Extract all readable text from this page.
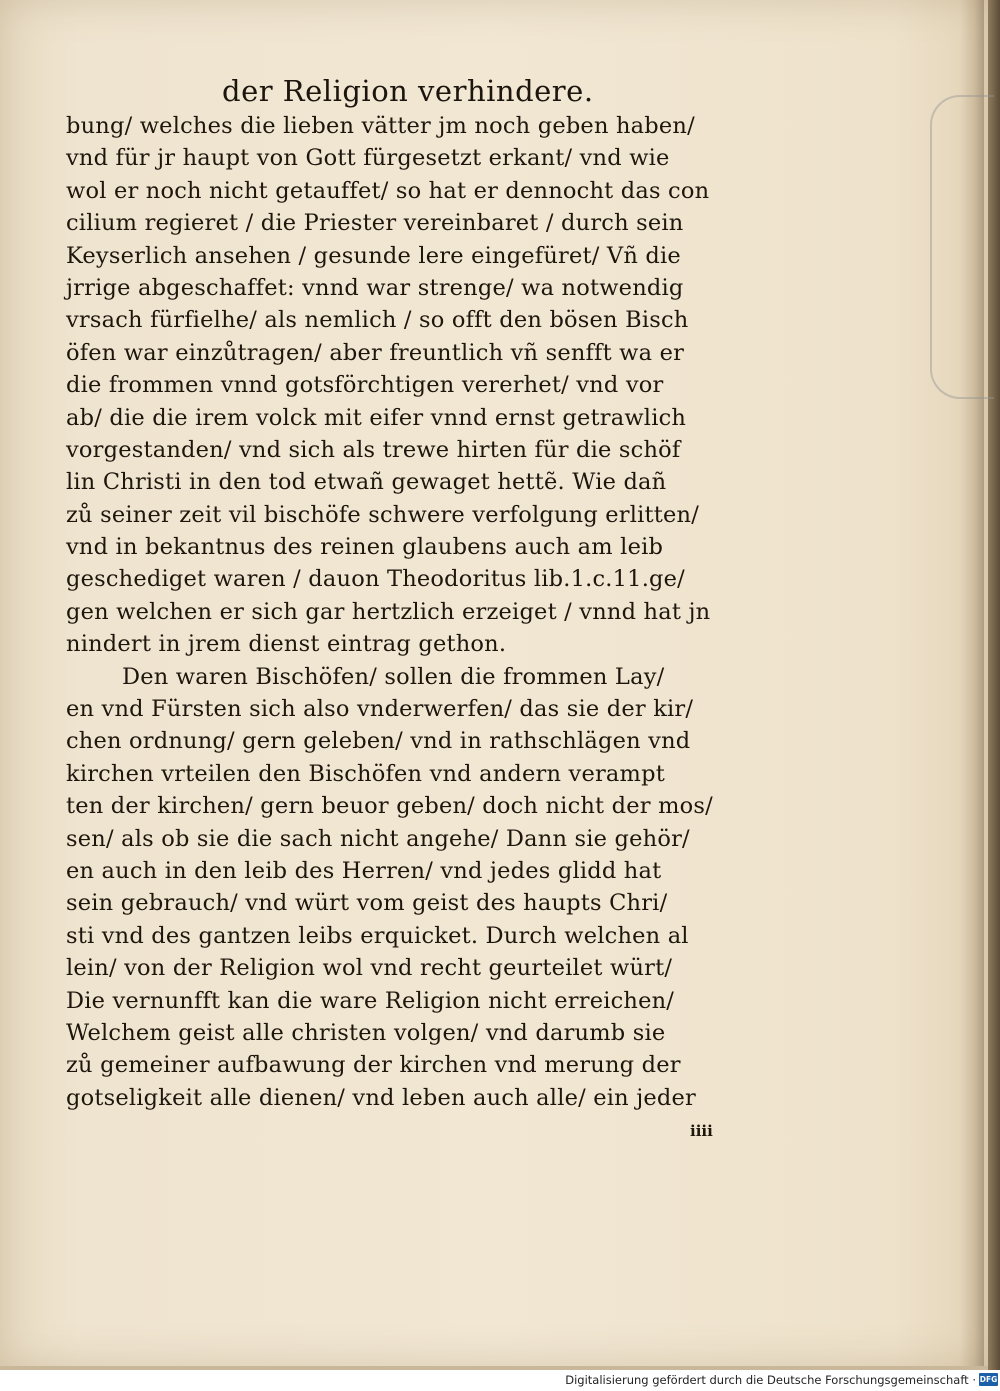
der Religion verhindere.
bung/ welches die lieben vätter jm noch geben haben/
vnd für jr haupt von Gott fürgesetzt erkant/ vnd wie
wol er noch nicht getauffet/ so hat er dennocht das con
cilium regieret / die Priester vereinbaret / durch sein
Keyserlich ansehen / gesunde lere eingefüret/ Vñ die
jrrige abgeschaffet: vnnd war strenge/ wa notwendig
vrsach fürfielhe/ als nemlich / so offt den bösen Bisch
öfen war einzůtragen/ aber freuntlich vñ senfft wa er
die frommen vnnd gotsförchtigen vererhet/ vnd vor
ab/ die die irem volck mit eifer vnnd ernst getrawlich
vorgestanden/ vnd sich als trewe hirten für die schöf
lin Christi in den tod etwañ gewaget hettẽ. Wie dañ
zů seiner zeit vil bischöfe schwere verfolgung erlitten/
vnd in bekantnus des reinen glaubens auch am leib
geschediget waren / dauon Theodoritus lib.1.c.11.ge/
gen welchen er sich gar hertzlich erzeiget / vnnd hat jn
nindert in jrem dienst eintrag gethon.
Den waren Bischöfen/ sollen die frommen Lay/
en vnd Fürsten sich also vnderwerfen/ das sie der kir/
chen ordnung/ gern geleben/ vnd in rathschlägen vnd
kirchen vrteilen den Bischöfen vnd andern verampt
ten der kirchen/ gern beuor geben/ doch nicht der mos/
sen/ als ob sie die sach nicht angehe/ Dann sie gehör/
en auch in den leib des Herren/ vnd jedes glidd hat
sein gebrauch/ vnd würt vom geist des haupts Chri/
sti vnd des gantzen leibs erquicket. Durch welchen al
lein/ von der Religion wol vnd recht geurteilet würt/
Die vernunfft kan die ware Religion nicht erreichen/
Welchem geist alle christen volgen/ vnd darumb sie
zů gemeiner aufbawung der kirchen vnd merung der
gotseligkeit alle dienen/ vnd leben auch alle/ ein jeder
iiii
Digitalisierung gefördert durch die Deutsche Forschungsgemeinschaft · DFG
